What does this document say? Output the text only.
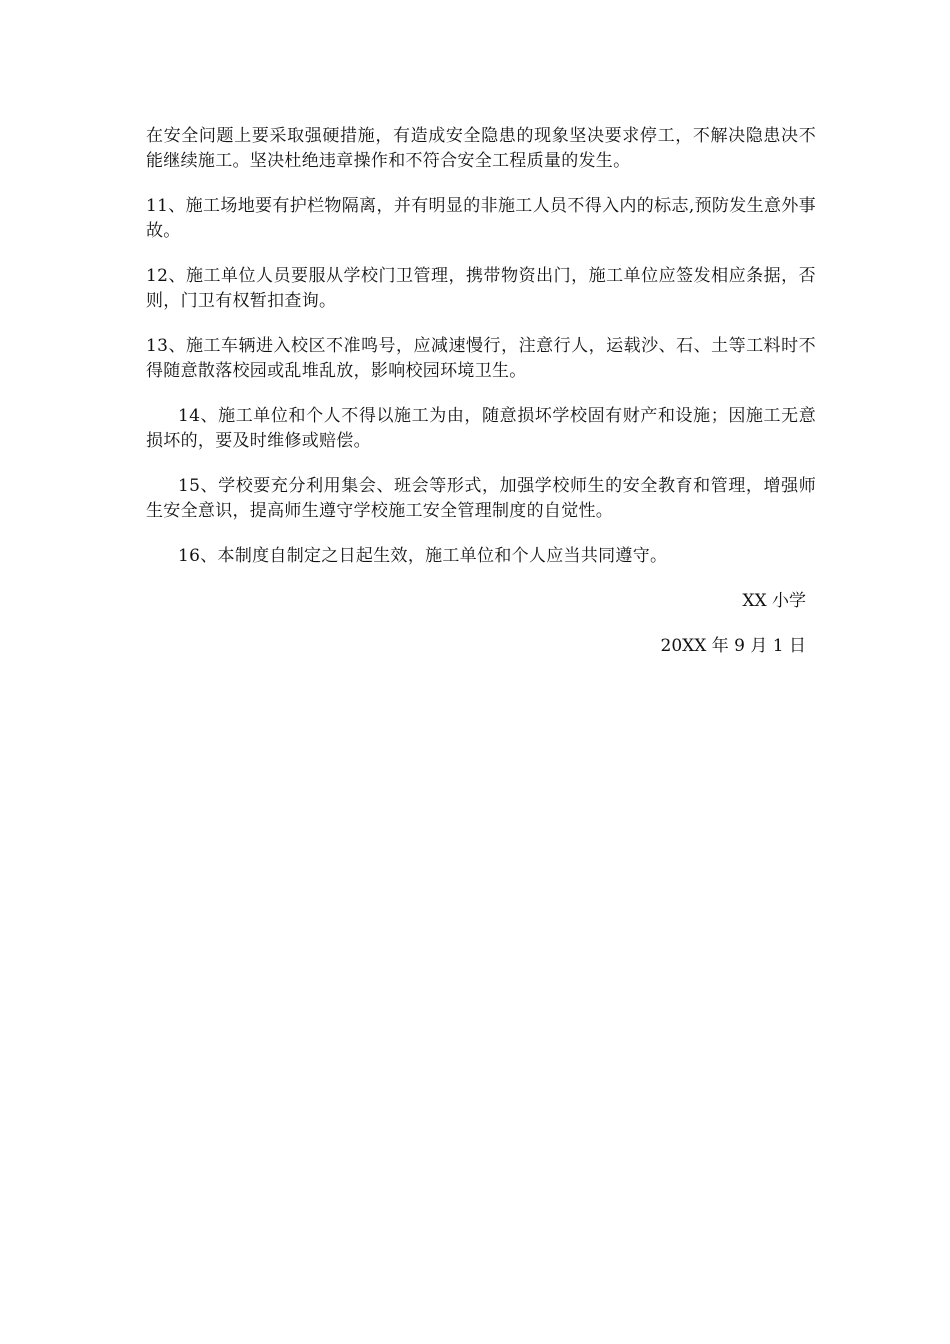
在安全问题上要采取强硬措施，有造成安全隐患的现象坚决要求停工，不解决隐患决不能继续施工。坚决杜绝违章操作和不符合安全工程质量的发生。

11、施工场地要有护栏物隔离，并有明显的非施工人员不得入内的标志,预防发生意外事故。

12、施工单位人员要服从学校门卫管理，携带物资出门，施工单位应签发相应条据，否则，门卫有权暂扣查询。

13、施工车辆进入校区不准鸣号，应减速慢行，注意行人，运载沙、石、土等工料时不得随意散落校园或乱堆乱放，影响校园环境卫生。

14、施工单位和个人不得以施工为由，随意损坏学校固有财产和设施；因施工无意损坏的，要及时维修或赔偿。

15、学校要充分利用集会、班会等形式，加强学校师生的安全教育和管理，增强师生安全意识，提高师生遵守学校施工安全管理制度的自觉性。

16、本制度自制定之日起生效，施工单位和个人应当共同遵守。

XX 小学

20XX 年 9 月 1 日
